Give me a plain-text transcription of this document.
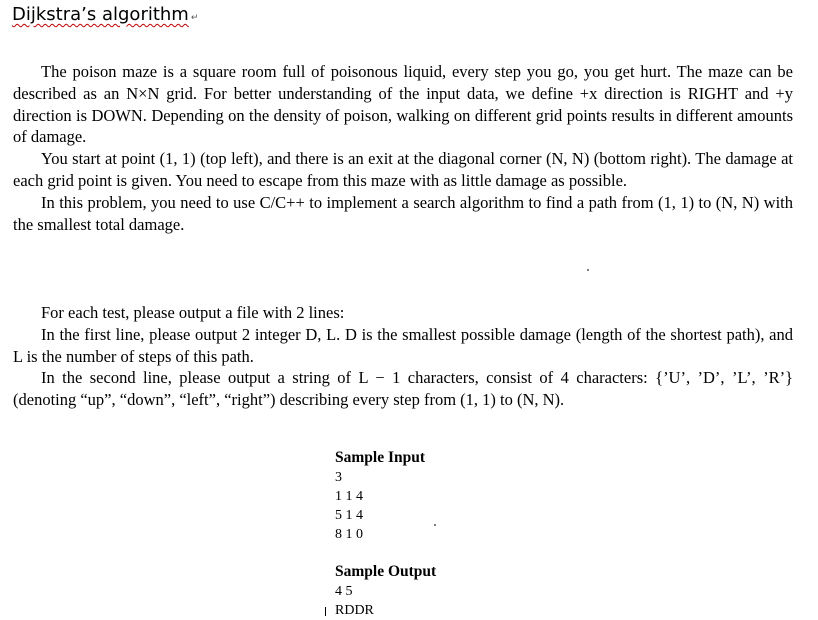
Dijkstra’s algorithm ↵

The poison maze is a square room full of poisonous liquid, every step you go, you get hurt. The maze can be described as an N×N grid. For better understanding of the input data, we define +x direction is RIGHT and +y direction is DOWN. Depending on the density of poison, walking on different grid points results in different amounts of damage.

You start at point (1, 1) (top left), and there is an exit at the diagonal corner (N, N) (bottom right). The damage at each grid point is given. You need to escape from this maze with as little damage as possible.

In this problem, you need to use C/C++ to implement a search algorithm to find a path from (1, 1) to (N, N) with the smallest total damage.

For each test, please output a file with 2 lines:

In the first line, please output 2 integer D, L. D is the smallest possible damage (length of the shortest path), and L is the number of steps of this path.

In the second line, please output a string of L − 1 characters, consist of 4 characters: {’U’, ’D’, ’L’, ’R’} (denoting “up”, “down”, “left”, “right”) describing every step from (1, 1) to (N, N).

Sample Input
3
1 1 4
5 1 4
8 1 0
Sample Output
4 5
RDDR
